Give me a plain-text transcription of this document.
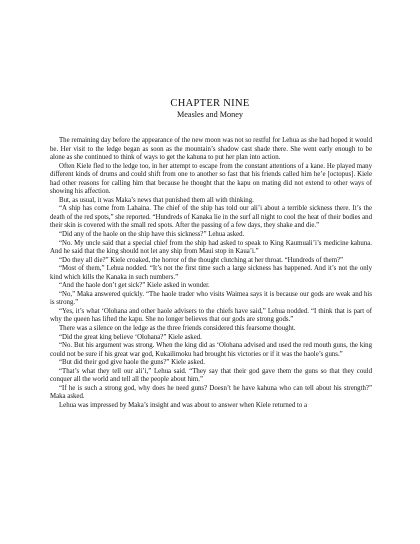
CHAPTER NINE
Measles and Money

The remaining day before the appearance of the new moon was not so restful for Lehua as she had hoped it would be. Her visit to the ledge began as soon as the mountain’s shadow cast shade there. She went early enough to be alone as she continued to think of ways to get the kahuna to put her plan into action.

Often Kiele fled to the ledge too, in her attempt to escape from the constant attentions of a kane. He played many different kinds of drums and could shift from one to another so fast that his friends called him he’e [octopus]. Kiele had other reasons for calling him that because he thought that the kapu on mating did not extend to other ways of showing his affection.

But, as usual, it was Maka’s news that punished them all with thinking.

“A ship has come from Lahaina. The chief of the ship has told our ali’i about a terrible sickness there. It’s the death of the red spots,” she reported. “Hundreds of Kanaka lie in the surf all night to cool the heat of their bodies and their skin is covered with the small red spots. After the passing of a few days, they shake and die.”

“Did any of the haole on the ship have this sickness?” Lehua asked.

“No. My uncle said that a special chief from the ship had asked to speak to King Kaumuali’i’s medicine kahuna. And he said that the king should not let any ship from Maui stop in Kaua’i.”

“Do they all die?” Kiele croaked, the horror of the thought clutching at her throat. “Hundreds of them?”

“Most of them,” Lehua nodded. “It’s not the first time such a large sickness has happened. And it’s not the only kind which kills the Kanaka in such numbers.”

“And the haole don’t get sick?” Kiele asked in wonder.

“No,” Maka answered quickly. “The haole trader who visits Waimea says it is because our gods are weak and his is strong.”

“Yes, it’s what ‘Olohana and other haole advisers to the chiefs have said,” Lehua nodded. “I think that is part of why the queen has lifted the kapu. She no longer believes that our gods are strong gods.”

There was a silence on the ledge as the three friends considered this fearsome thought.

“Did the great king believe ‘Olohana?” Kiele asked.

“No. But his argument was strong. When the king did as ‘Olohana advised and used the red mouth guns, the king could not be sure if his great war god, Kukailimoku had brought his victories or if it was the haole’s guns.”

“But did their god give haole the guns?” Kiele asked.

“That’s what they tell our ali’i,” Lehua said. “They say that their god gave them the guns so that they could conquer all the world and tell all the people about him.”

“If he is such a strong god, why does he need guns? Doesn’t he have kahuna who can tell about his strength?” Maka asked.

Lehua was impressed by Maka’s insight and was about to answer when Kiele returned to a
